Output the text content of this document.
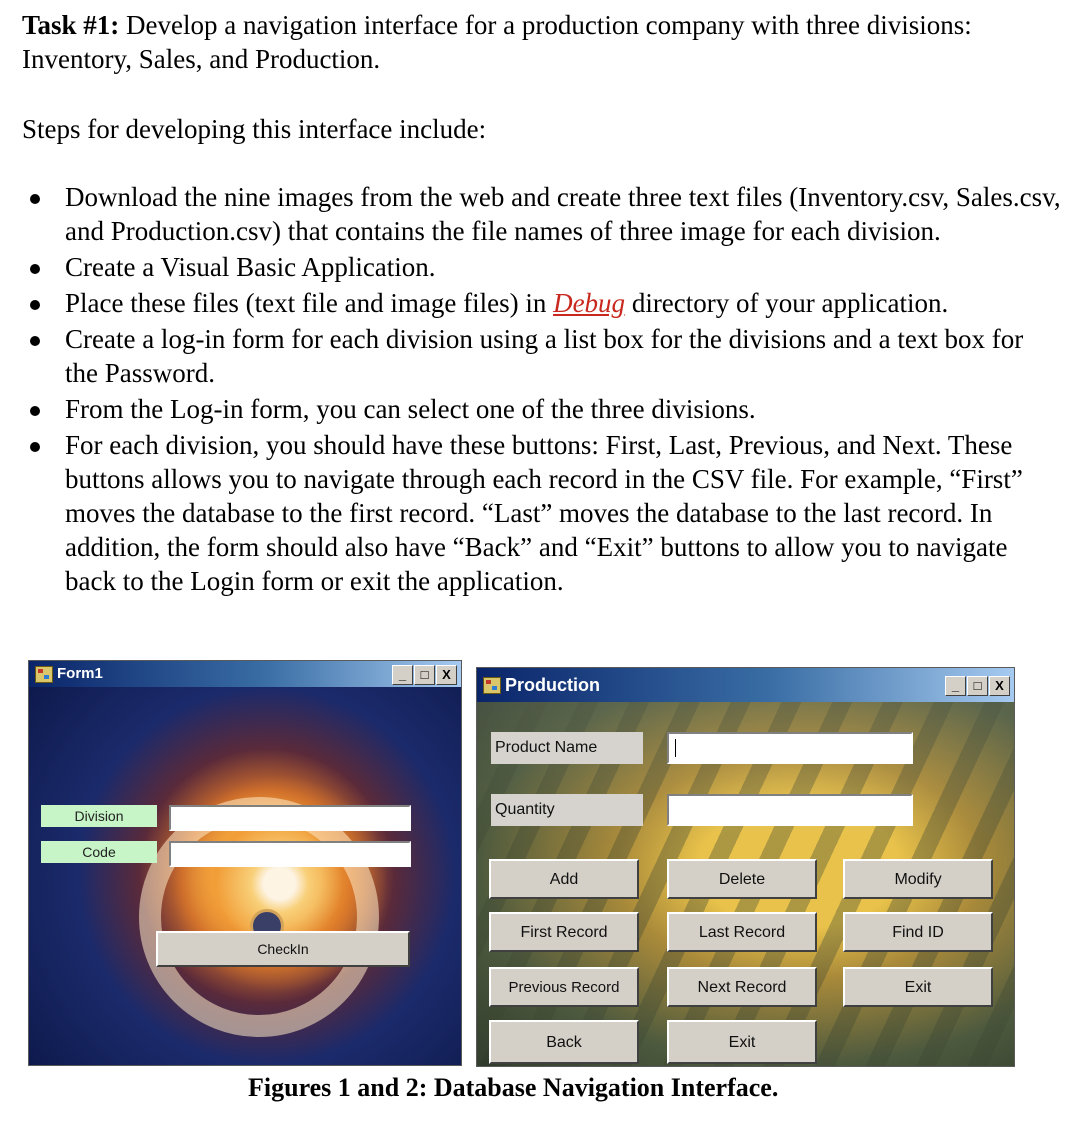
Task #1: Develop a navigation interface for a production company with three divisions:
Inventory, Sales, and Production.

Steps for developing this interface include:

Download the nine images from the web and create three text files (Inventory.csv, Sales.csv, and Production.csv) that contains the file names of three image for each division.
Create a Visual Basic Application.
Place these files (text file and image files) in Debug directory of your application.
Create a log-in form for each division using a list box for the divisions and a text box for the Password.
From the Log-in form, you can select one of the three divisions.
For each division, you should have these buttons: First, Last, Previous, and Next. These buttons allows you to navigate through each record in the CSV file. For example, “First” moves the database to the first record. “Last” moves the database to the last record. In addition, the form should also have “Back” and “Exit” buttons to allow you to navigate back to the Login form or exit the application.
Form1	_	□	X
Division
Code
CheckIn
Production	_	□	X
Product Name
Quantity
Add	Delete	Modify
First Record	Last Record	Find ID
Previous Record	Next Record	Exit
Back	Exit
Figures 1 and 2: Database Navigation Interface.
